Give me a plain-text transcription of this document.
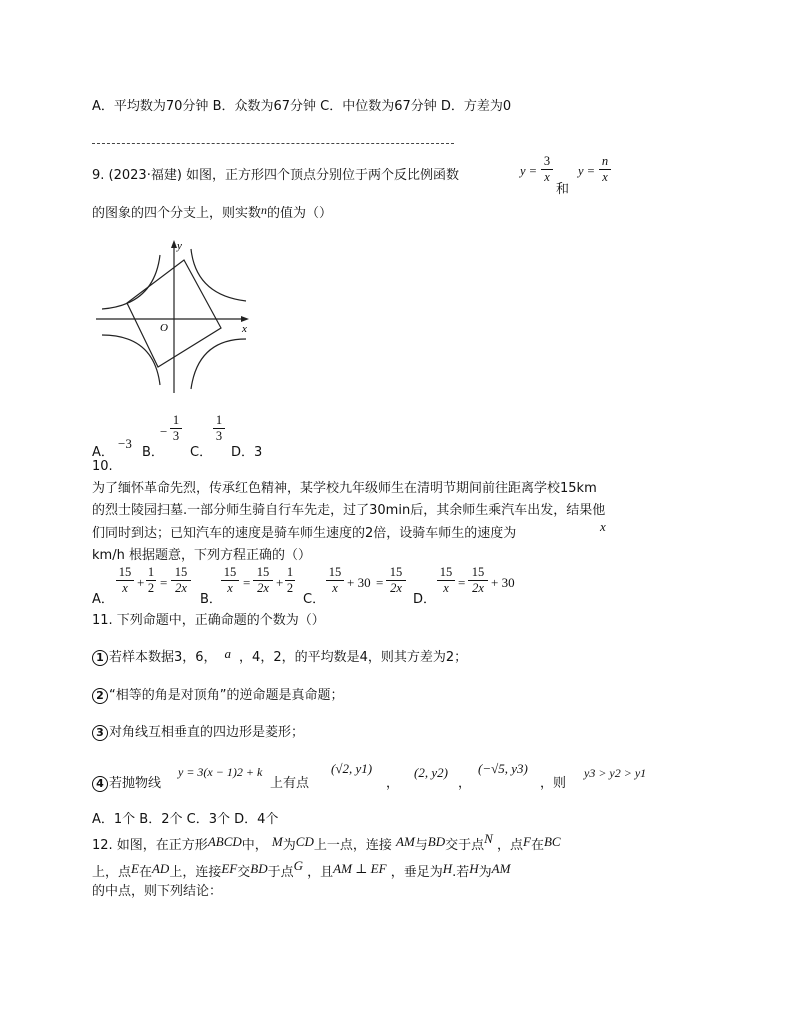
A．平均数为70分钟 B．众数为67分钟 C．中位数为67分钟 D．方差为0
9. (2023·福建) 如图，正方形四个顶点分别位于两个反比例函数	y =
3
x
和
y =
n
x
的图象的四个分支上，则实数n的值为（）
y
x
O
A．
−3
B．
−
1
3
C．
1
3
D．3
10.
为了缅怀革命先烈，传承红色精神，某学校九年级师生在清明节期间前往距离学校15km
的烈士陵园扫墓.一部分师生骑自行车先走，过了30min后，其余师生乘汽车出发，结果他
们同时到达；已知汽车的速度是骑车师生速度的2倍，设骑车师生的速度为	x
km/h 根据题意，下列方程正确的（）
A．
15
x +
1
2 =
15
2x
B．
15
x =
15
2x +
1
2
C．
15
x + 30 =
15
2x
D．
15
x =
15
2x + 30
11. 下列命题中，正确命题的个数为（）
1 若样本数据3，6， a ，4，2，的平均数是4，则其方差为2；
2 “相等的角是对顶角”的逆命题是真命题；
3 对角线互相垂直的四边形是菱形；
4 若抛物线
y = 3(x − 1)2 + k
上有点
(√2, y1)
，
(2, y2)
，
(−√5, y3)
，则
y3 > y2 > y1
A．1个 B．2个 C．3个 D．4个
12. 如图，在正方形ABCD中， M为CD上一点，连接 AM与BD交于点N ，点F在BC
上，点E在AD上，连接EF交BD于点G ，且AM ⊥ EF ，垂足为H.若H为AM
的中点，则下列结论：
